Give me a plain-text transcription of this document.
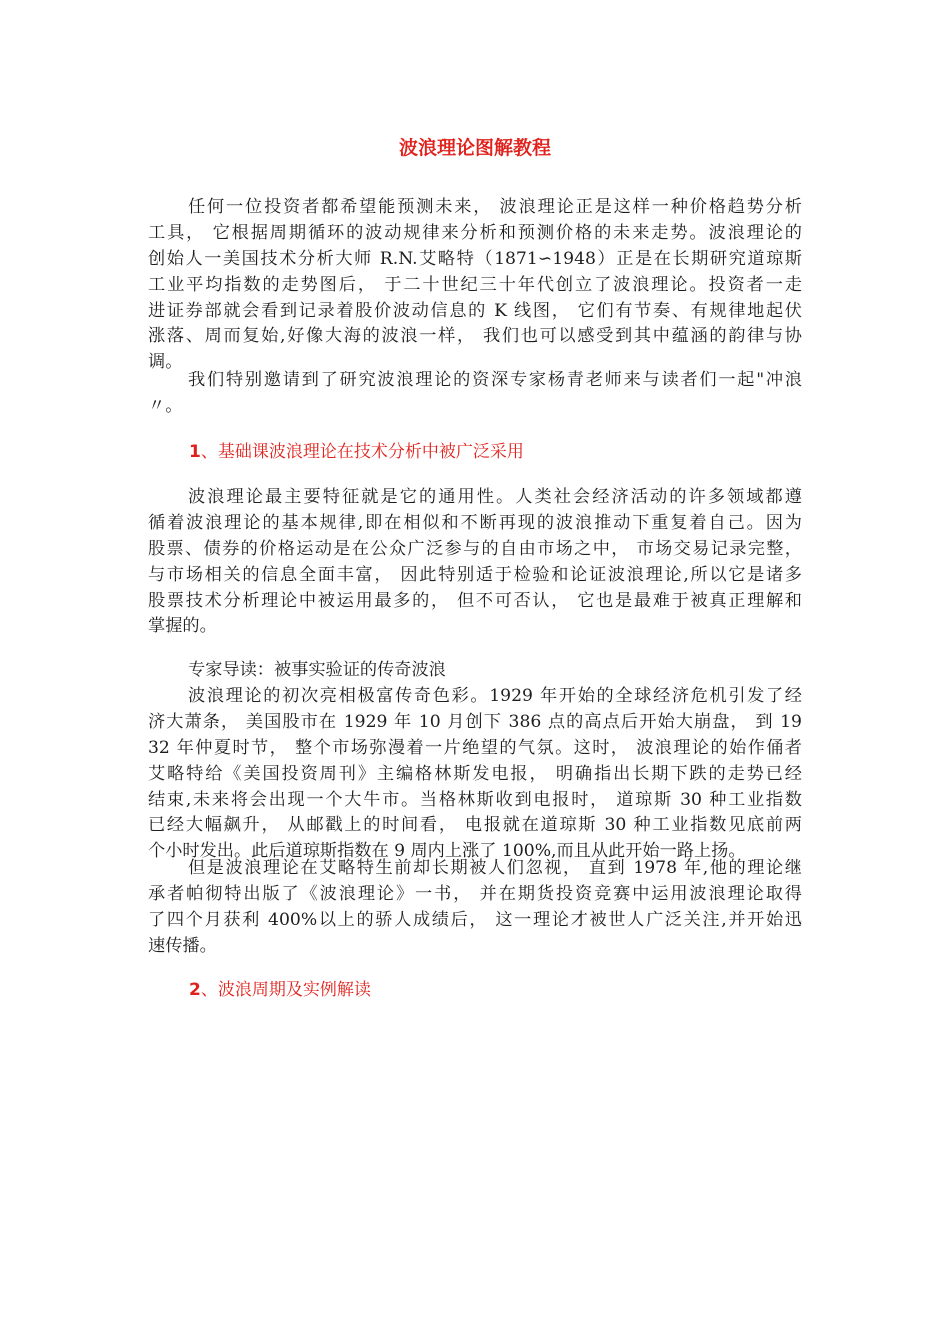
波浪理论图解教程
任何一位投资者都希望能预测未来， 波浪理论正是这样一种价格趋势分析
工具， 它根据周期循环的波动规律来分析和预测价格的未来走势。波浪理论的
创始人一美国技术分析大师 R.N.艾略特（1871∽1948）正是在长期研究道琼斯
工业平均指数的走势图后， 于二十世纪三十年代创立了波浪理论。投资者一走
进证券部就会看到记录着股价波动信息的 K 线图， 它们有节奏、有规律地起伏
涨落、周而复始,好像大海的波浪一样， 我们也可以感受到其中蕴涵的韵律与协
调。
我们特别邀请到了研究波浪理论的资深专家杨青老师来与读者们一起"冲浪
〃。
1、基础课波浪理论在技术分析中被广泛采用
波浪理论最主要特征就是它的通用性。人类社会经济活动的许多领域都遵
循着波浪理论的基本规律,即在相似和不断再现的波浪推动下重复着自己。因为
股票、债券的价格运动是在公众广泛参与的自由市场之中， 市场交易记录完整，
与市场相关的信息全面丰富， 因此特别适于检验和论证波浪理论,所以它是诸多
股票技术分析理论中被运用最多的， 但不可否认， 它也是最难于被真正理解和
掌握的。
专家导读：被事实验证的传奇波浪
波浪理论的初次亮相极富传奇色彩。1929 年开始的全球经济危机引发了经
济大萧条， 美国股市在 1929 年 10 月创下 386 点的高点后开始大崩盘， 到 19
32 年仲夏时节， 整个市场弥漫着一片绝望的气氛。这时， 波浪理论的始作俑者
艾略特给《美国投资周刊》主编格林斯发电报， 明确指出长期下跌的走势已经
结束,未来将会出现一个大牛市。当格林斯收到电报时， 道琼斯 30 种工业指数
已经大幅飙升， 从邮戳上的时间看， 电报就在道琼斯 30 种工业指数见底前两
个小时发出。此后道琼斯指数在 9 周内上涨了 100%,而且从此开始一路上扬。
但是波浪理论在艾略特生前却长期被人们忽视， 直到 1978 年,他的理论继
承者帕彻特出版了《波浪理论》一书， 并在期货投资竞赛中运用波浪理论取得
了四个月获利 400%以上的骄人成绩后， 这一理论才被世人广泛关注,并开始迅
速传播。
2、波浪周期及实例解读
